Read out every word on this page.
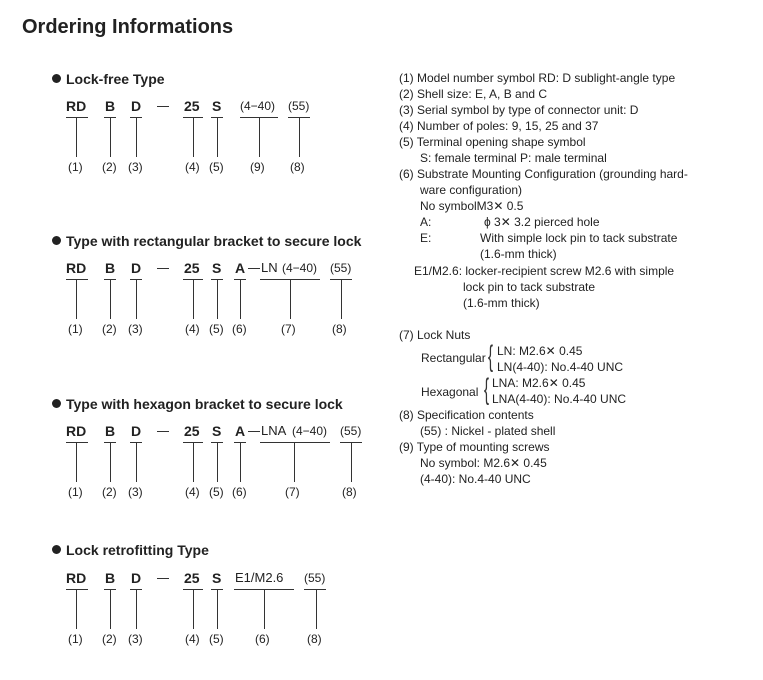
Ordering Informations
Lock-free Type
RD B D	25 S (4−40) (55)
(1) (2) (3)	(4) (5) (9) (8)
Type with rectangular bracket to secure lock
RD B D	25 S A LN (4−40) (55)
(1) (2) (3)	(4) (5) (6)	(7)	(8)
Type with hexagon bracket to secure lock
RD B D	25 S A LNA (4−40) (55)
(1) (2) (3)	(4) (5) (6)	(7)	(8)
Lock retrofitting Type
RD B D	25 S E1/M2.6 (55)
(1) (2) (3)	(4) (5)	(6)	(8)
(1) Model number symbol RD: D sublight-angle type
(2) Shell size: E, A, B and C
(3) Serial symbol by type of connector unit: D
(4) Number of poles: 9, 15, 25 and 37
(5) Terminal opening shape symbol
S: female terminal P: male terminal
(6) Substrate Mounting Configuration (grounding hard-
ware configuration)
No symbolM3✕ 0.5
A:	ϕ 3✕ 3.2 pierced hole
E:	With simple lock pin to tack substrate
(1.6-mm thick)
E1/M2.6: locker-recipient screw M2.6 with simple
lock pin to tack substrate
(1.6-mm thick)
(7) Lock Nuts
Rectangular { LN: M2.6✕ 0.45
LN(4-40): No.4-40 UNC
Hexagonal { LNA: M2.6✕ 0.45
LNA(4-40): No.4-40 UNC
(8) Specification contents
(55) : Nickel - plated shell
(9) Type of mounting screws
No symbol: M2.6✕ 0.45
(4-40): No.4-40 UNC
